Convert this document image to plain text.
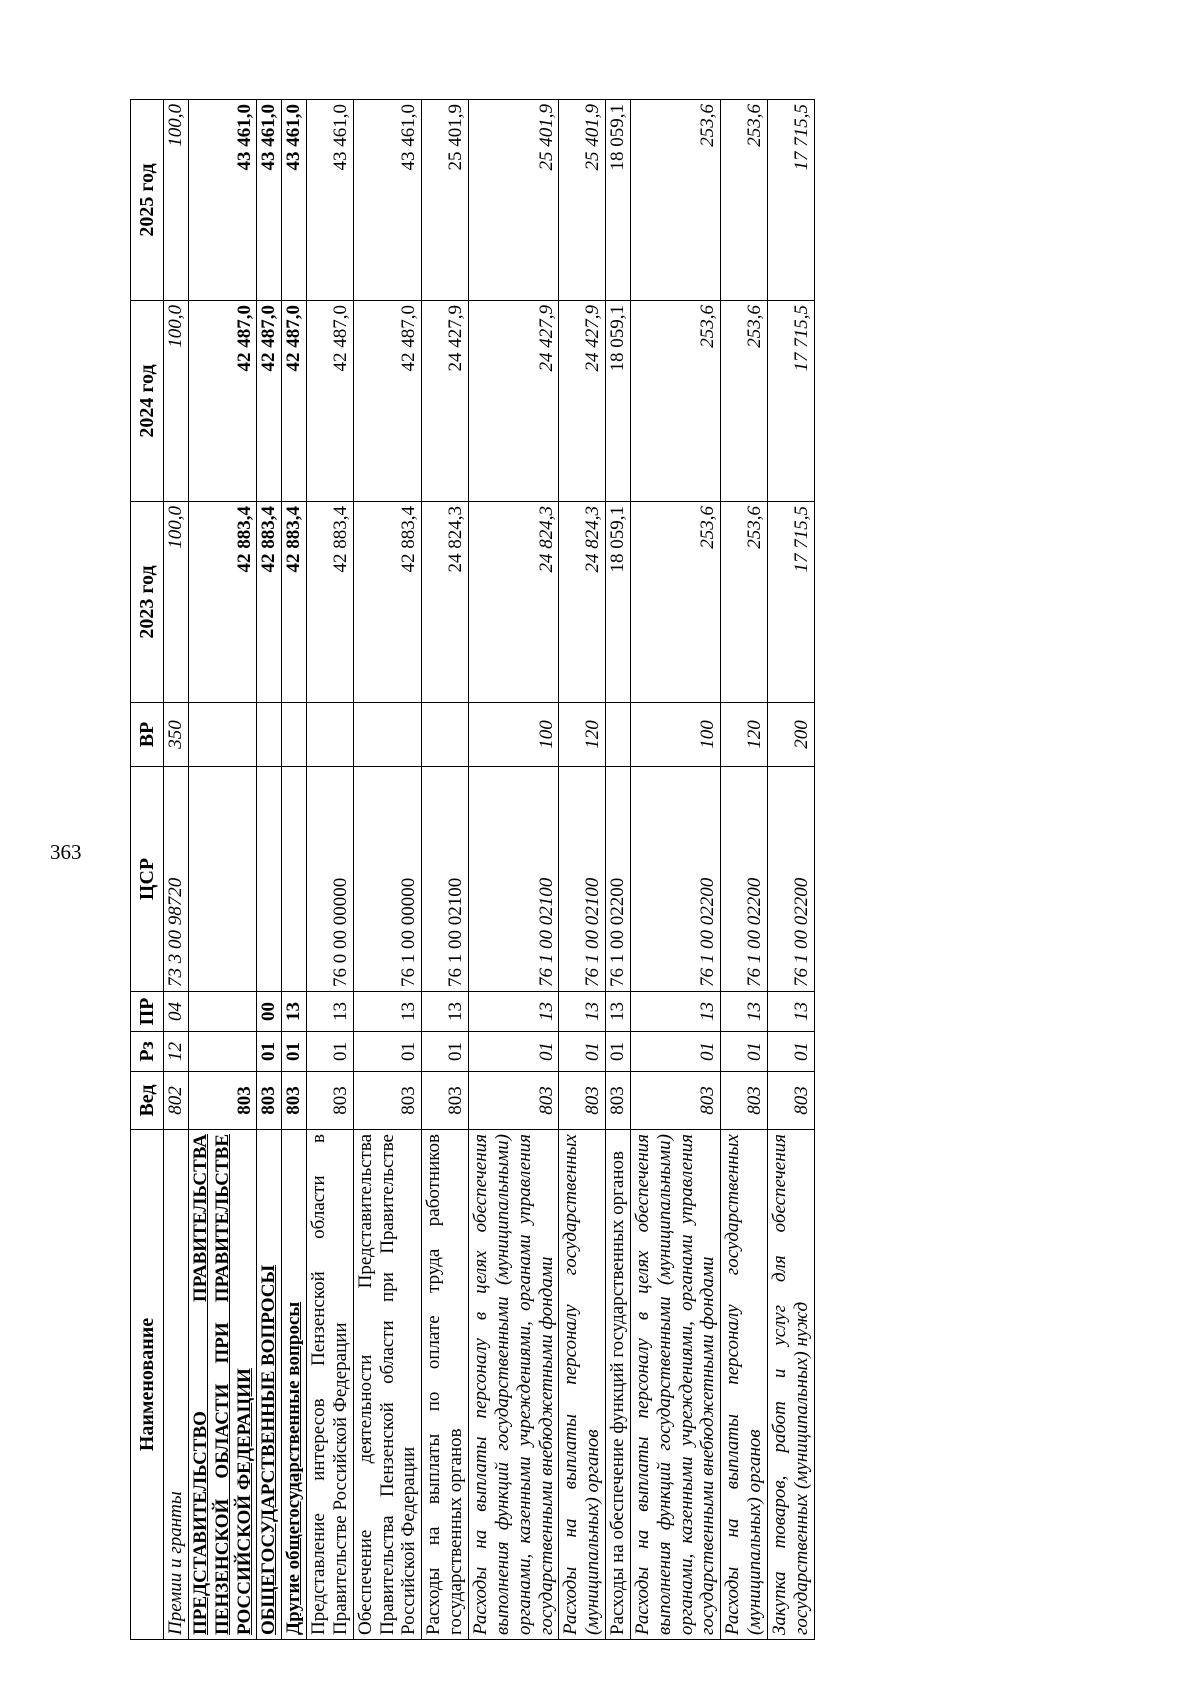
363
Наименование	Вед	Рз	ПР	ЦСР	ВР	2023 год	2024 год	2025 год
Премии и гранты	802	12	04	73 3 00 98720	350	100,0	100,0	100,0
ПРЕДСТАВИТЕЛЬСТВО ПРАВИТЕЛЬСТВА ПЕНЗЕНСКОЙ ОБЛАСТИ ПРИ ПРАВИТЕЛЬСТВЕ РОССИЙСКОЙ ФЕДЕРАЦИИ	803					42 883,4	42 487,0	43 461,0
ОБЩЕГОСУДАРСТВЕННЫЕ ВОПРОСЫ	803	01	00			42 883,4	42 487,0	43 461,0
Другие общегосударственные вопросы	803	01	13			42 883,4	42 487,0	43 461,0
Представление интересов Пензенской области в Правительстве Российской Федерации	803	01	13	76 0 00 00000		42 883,4	42 487,0	43 461,0
Обеспечение деятельности Представительства Правительства Пензенской области при Правительстве Российской Федерации	803	01	13	76 1 00 00000		42 883,4	42 487,0	43 461,0
Расходы на выплаты по оплате труда работников государственных органов	803	01	13	76 1 00 02100		24 824,3	24 427,9	25 401,9
Расходы на выплаты персоналу в целях обеспечения выполнения функций государственными (муниципальными) органами, казенными учреждениями, органами управления государственными внебюджетными фондами	803	01	13	76 1 00 02100	100	24 824,3	24 427,9	25 401,9
Расходы на выплаты персоналу государственных (муниципальных) органов	803	01	13	76 1 00 02100	120	24 824,3	24 427,9	25 401,9
Расходы на обеспечение функций государственных органов	803	01	13	76 1 00 02200		18 059,1	18 059,1	18 059,1
Расходы на выплаты персоналу в целях обеспечения выполнения функций государственными (муниципальными) органами, казенными учреждениями, органами управления государственными внебюджетными фондами	803	01	13	76 1 00 02200	100	253,6	253,6	253,6
Расходы на выплаты персоналу государственных (муниципальных) органов	803	01	13	76 1 00 02200	120	253,6	253,6	253,6
Закупка товаров, работ и услуг для обеспечения государственных (муниципальных) нужд	803	01	13	76 1 00 02200	200	17 715,5	17 715,5	17 715,5
